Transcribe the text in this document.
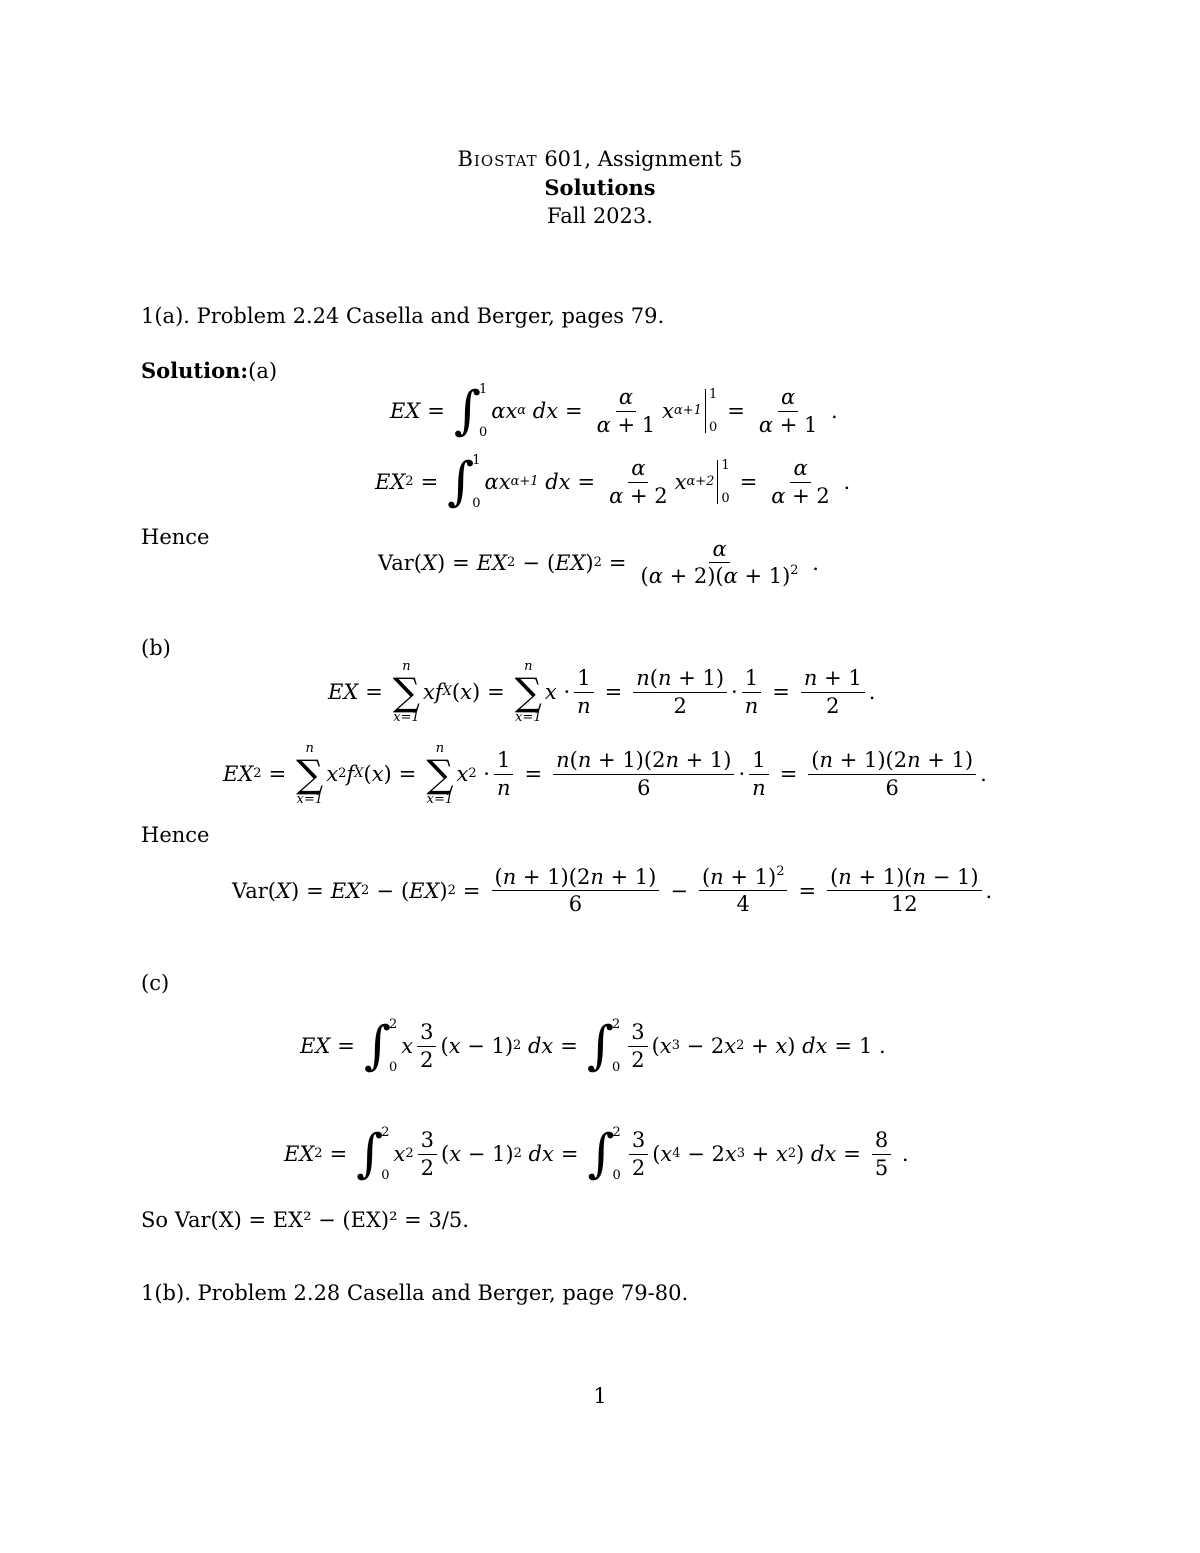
Biostat 601, Assignment 5
Solutions
Fall 2023.
1(a). Problem 2.24 Casella and Berger, pages 79.
Solution:(a)
EX = ∫
1
0
αx α dx = $\frac{\alpha}{\alpha + 1}$ x α+1
1
0
= $\frac{\alpha}{\alpha + 1}$ .
EX 2 = ∫
1
0
αx α+1 dx = $\frac{\alpha}{\alpha + 2}$ x α+2
1
0
= $\frac{\alpha}{\alpha + 2}$ .
Hence
Var( X ) = EX 2 − ( EX ) $2 = \frac{\alpha}{(\alpha + 2)(\alpha + 1)^2}$ .
(b)
EX =
n
∑
x=1
xf X ( x ) =
n
∑
x=1
$x \cdot \frac{1}{n} = \frac{n(n + 1)}{2} \cdot \frac{1}{n} = \frac{n + 1}{2}$ .
EX 2 =
n
∑
x=1
x 2 f X ( x ) =
n
∑
x=1
x $2 \cdot \frac{1}{n} = \frac{n(n + 1)(2n + 1)}{6} \cdot \frac{1}{n} = \frac{(n + 1)(2n + 1)}{6}$ .
Hence
Var( X ) = EX 2 − ( EX ) $2 = \frac{(n + 1)(2n + 1)}{6} - \frac{(n + 1)^2}{4} = \frac{(n + 1)(n - 1)}{12}$ .
(c)
EX = ∫
2
0
x $\frac{3}{2}$ ( x − 1) 2 dx = ∫
2
$0 \frac{3}{2}$ ( x 3 − 2 x 2 + x ) dx = 1 .
EX 2 = ∫
2
0
x $2 \frac{3}{2}$ ( x − 1) 2 dx = ∫
2
$0 \frac{3}{2}$ ( x 4 − 2 x 3 + x 2 ) dx = $\frac{8}{5}$ .
So Var(X) = EX² − (EX)² = 3/5.
1(b). Problem 2.28 Casella and Berger, page 79-80.
1
